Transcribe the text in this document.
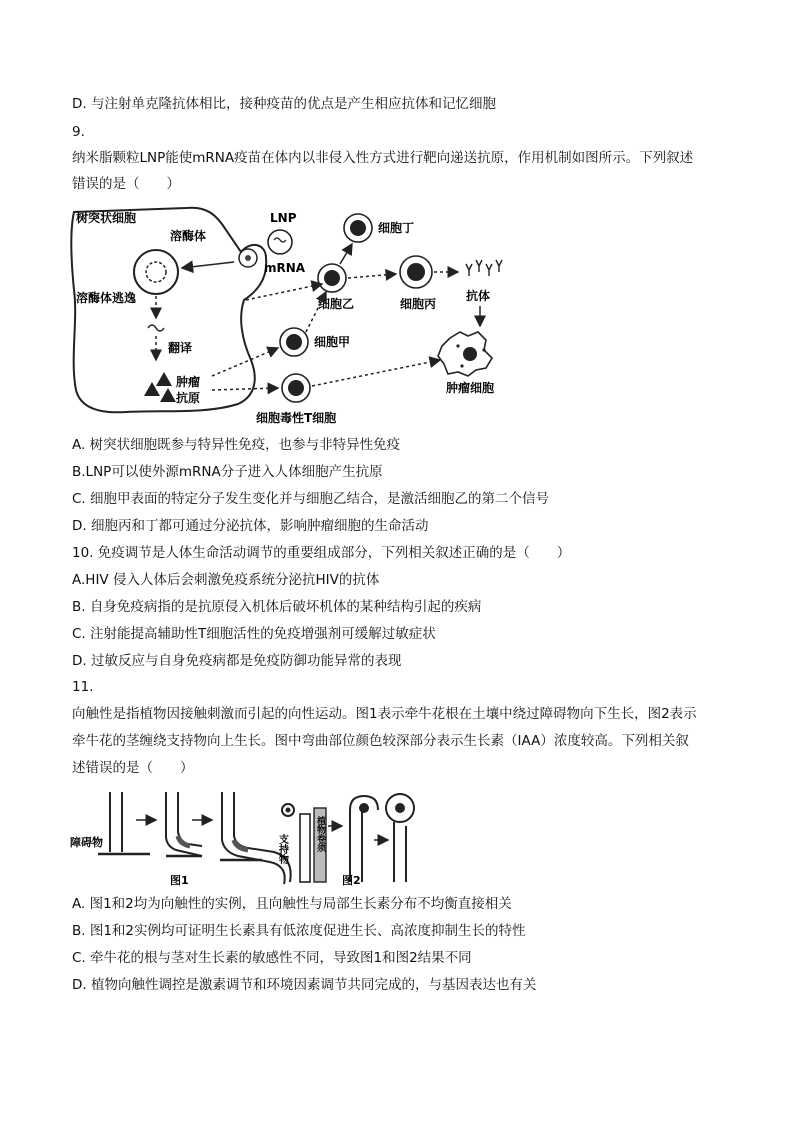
D. 与注射单克隆抗体相比，接种疫苗的优点是产生相应抗体和记忆细胞
9.
纳米脂颗粒LNP能使mRNA疫苗在体内以非侵入性方式进行靶向递送抗原，作用机制如图所示。下列叙述
错误的是（　　）
树突状细胞
溶酶体
溶酶体逃逸
翻译
肿瘤
抗原
LNP
mRNA
细胞丁
细胞乙	细胞丙
抗体
细胞甲
细胞毒性T细胞
肿瘤细胞
A. 树突状细胞既参与特异性免疫，也参与非特异性免疫
B.LNP可以使外源mRNA分子进入人体细胞产生抗原
C. 细胞甲表面的特定分子发生变化并与细胞乙结合，是激活细胞乙的第二个信号
D. 细胞丙和丁都可通过分泌抗体，影响肿瘤细胞的生命活动
10. 免疫调节是人体生命活动调节的重要组成部分，下列相关叙述正确的是（　　）
A.HIV 侵入人体后会刺激免疫系统分泌抗HIV的抗体
B. 自身免疫病指的是抗原侵入机体后破坏机体的某种结构引起的疾病
C. 注射能提高辅助性T细胞活性的免疫增强剂可缓解过敏症状
D. 过敏反应与自身免疫病都是免疫防御功能异常的表现
11.
向触性是指植物因接触刺激而引起的向性运动。图1表示牵牛花根在土壤中绕过障碍物向下生长，图2表示
牵牛花的茎缠绕支持物向上生长。图中弯曲部位颜色较深部分表示生长素（IAA）浓度较高。下列相关叙
述错误的是（　　）
障碍物
图1
支持物	植物卷须
图2
A. 图1和2均为向触性的实例，且向触性与局部生长素分布不均衡直接相关
B. 图1和2实例均可证明生长素具有低浓度促进生长、高浓度抑制生长的特性
C. 牵牛花的根与茎对生长素的敏感性不同，导致图1和图2结果不同
D. 植物向触性调控是激素调节和环境因素调节共同完成的，与基因表达也有关
